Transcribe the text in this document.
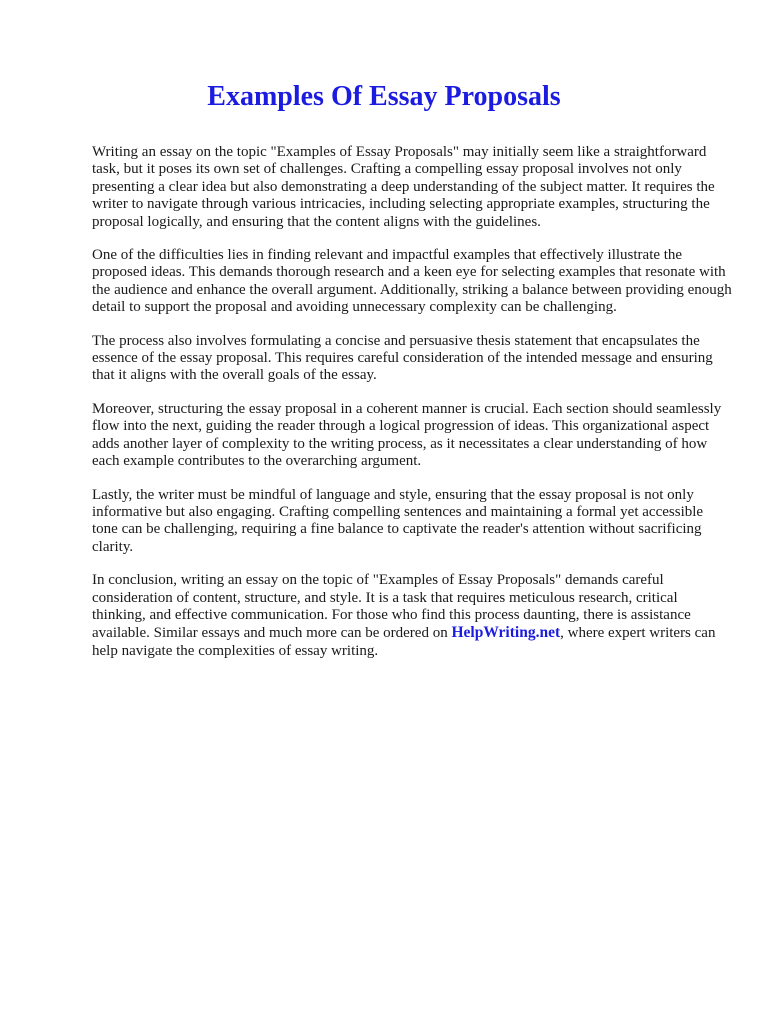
Examples Of Essay Proposals

Writing an essay on the topic "Examples of Essay Proposals" may initially seem like a straightforward task, but it poses its own set of challenges. Crafting a compelling essay proposal involves not only presenting a clear idea but also demonstrating a deep understanding of the subject matter. It requires the writer to navigate through various intricacies, including selecting appropriate examples, structuring the proposal logically, and ensuring that the content aligns with the guidelines.

One of the difficulties lies in finding relevant and impactful examples that effectively illustrate the proposed ideas. This demands thorough research and a keen eye for selecting examples that resonate with the audience and enhance the overall argument. Additionally, striking a balance between providing enough detail to support the proposal and avoiding unnecessary complexity can be challenging.

The process also involves formulating a concise and persuasive thesis statement that encapsulates the essence of the essay proposal. This requires careful consideration of the intended message and ensuring that it aligns with the overall goals of the essay.

Moreover, structuring the essay proposal in a coherent manner is crucial. Each section should seamlessly flow into the next, guiding the reader through a logical progression of ideas. This organizational aspect adds another layer of complexity to the writing process, as it necessitates a clear understanding of how each example contributes to the overarching argument.

Lastly, the writer must be mindful of language and style, ensuring that the essay proposal is not only informative but also engaging. Crafting compelling sentences and maintaining a formal yet accessible tone can be challenging, requiring a fine balance to captivate the reader's attention without sacrificing clarity.

In conclusion, writing an essay on the topic of "Examples of Essay Proposals" demands careful consideration of content, structure, and style. It is a task that requires meticulous research, critical thinking, and effective communication. For those who find this process daunting, there is assistance available. Similar essays and much more can be ordered on HelpWriting.net, where expert writers can help navigate the complexities of essay writing.
